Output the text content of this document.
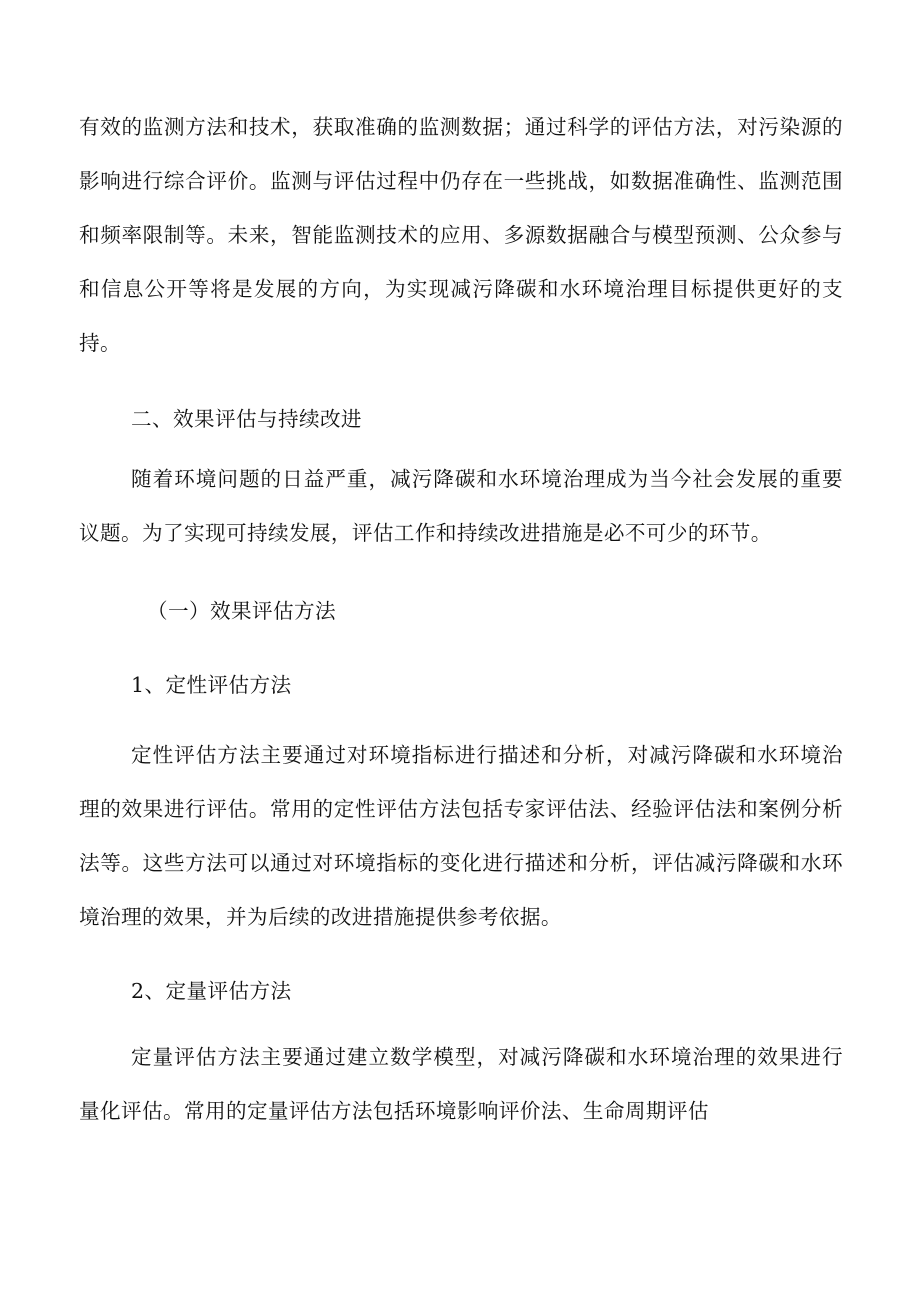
有效的监测方法和技术，获取准确的监测数据；通过科学的评估方法，对污染源的影响进行综合评价。监测与评估过程中仍存在一些挑战，如数据准确性、监测范围和频率限制等。未来，智能监测技术的应用、多源数据融合与模型预测、公众参与和信息公开等将是发展的方向，为实现减污降碳和水环境治理目标提供更好的支持。

二、效果评估与持续改进

随着环境问题的日益严重，减污降碳和水环境治理成为当今社会发展的重要议题。为了实现可持续发展，评估工作和持续改进措施是必不可少的环节。

（一）效果评估方法

1、定性评估方法

定性评估方法主要通过对环境指标进行描述和分析，对减污降碳和水环境治理的效果进行评估。常用的定性评估方法包括专家评估法、经验评估法和案例分析法等。这些方法可以通过对环境指标的变化进行描述和分析，评估减污降碳和水环境治理的效果，并为后续的改进措施提供参考依据。

2、定量评估方法

定量评估方法主要通过建立数学模型，对减污降碳和水环境治理的效果进行量化评估。常用的定量评估方法包括环境影响评价法、生命周期评估
